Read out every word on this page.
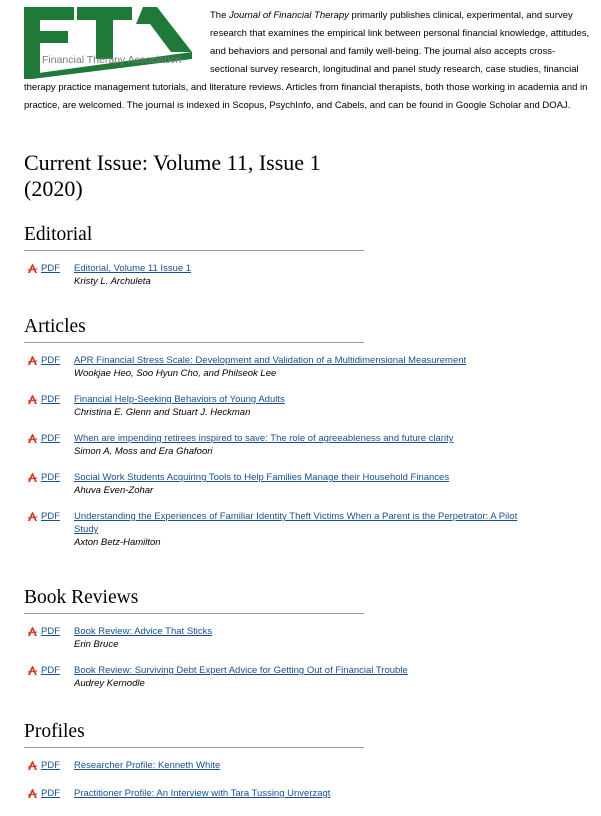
Financial Therapy Association

The Journal of Financial Therapy primarily publishes clinical, experimental, and survey research that examines the empirical link between personal financial knowledge, attitudes, and behaviors and personal and family well-being. The journal also accepts cross-sectional survey research, longitudinal and panel study research, case studies, financial therapy practice management tutorials, and literature reviews. Articles from financial therapists, both those working in academia and in practice, are welcomed. The journal is indexed in Scopus, PsychInfo, and Cabels, and can be found in Google Scholar and DOAJ.

Current Issue: Volume 11, Issue 1 (2020)
Editorial
PDF Editorial, Volume 11 Issue 1
Kristy L. Archuleta
Articles
PDF APR Financial Stress Scale: Development and Validation of a Multidimensional Measurement
Wookjae Heo, Soo Hyun Cho, and Philseok Lee
PDF Financial Help-Seeking Behaviors of Young Adults
Christina E. Glenn and Stuart J. Heckman
PDF When are impending retirees inspired to save: The role of agreeableness and future clarity
Simon A. Moss and Era Ghafoori
PDF Social Work Students Acquiring Tools to Help Families Manage their Household Finances
Ahuva Even-Zohar
PDF Understanding the Experiences of Familiar Identity Theft Victims When a Parent is the Perpetrator: A Pilot Study
Axton Betz-Hamilton
Book Reviews
PDF Book Review: Advice That Sticks
Erin Bruce
PDF Book Review: Surviving Debt Expert Advice for Getting Out of Financial Trouble
Audrey Kernodle
Profiles
PDF Researcher Profile: Kenneth White
PDF Practitioner Profile: An Interview with Tara Tussing Unverzagt
